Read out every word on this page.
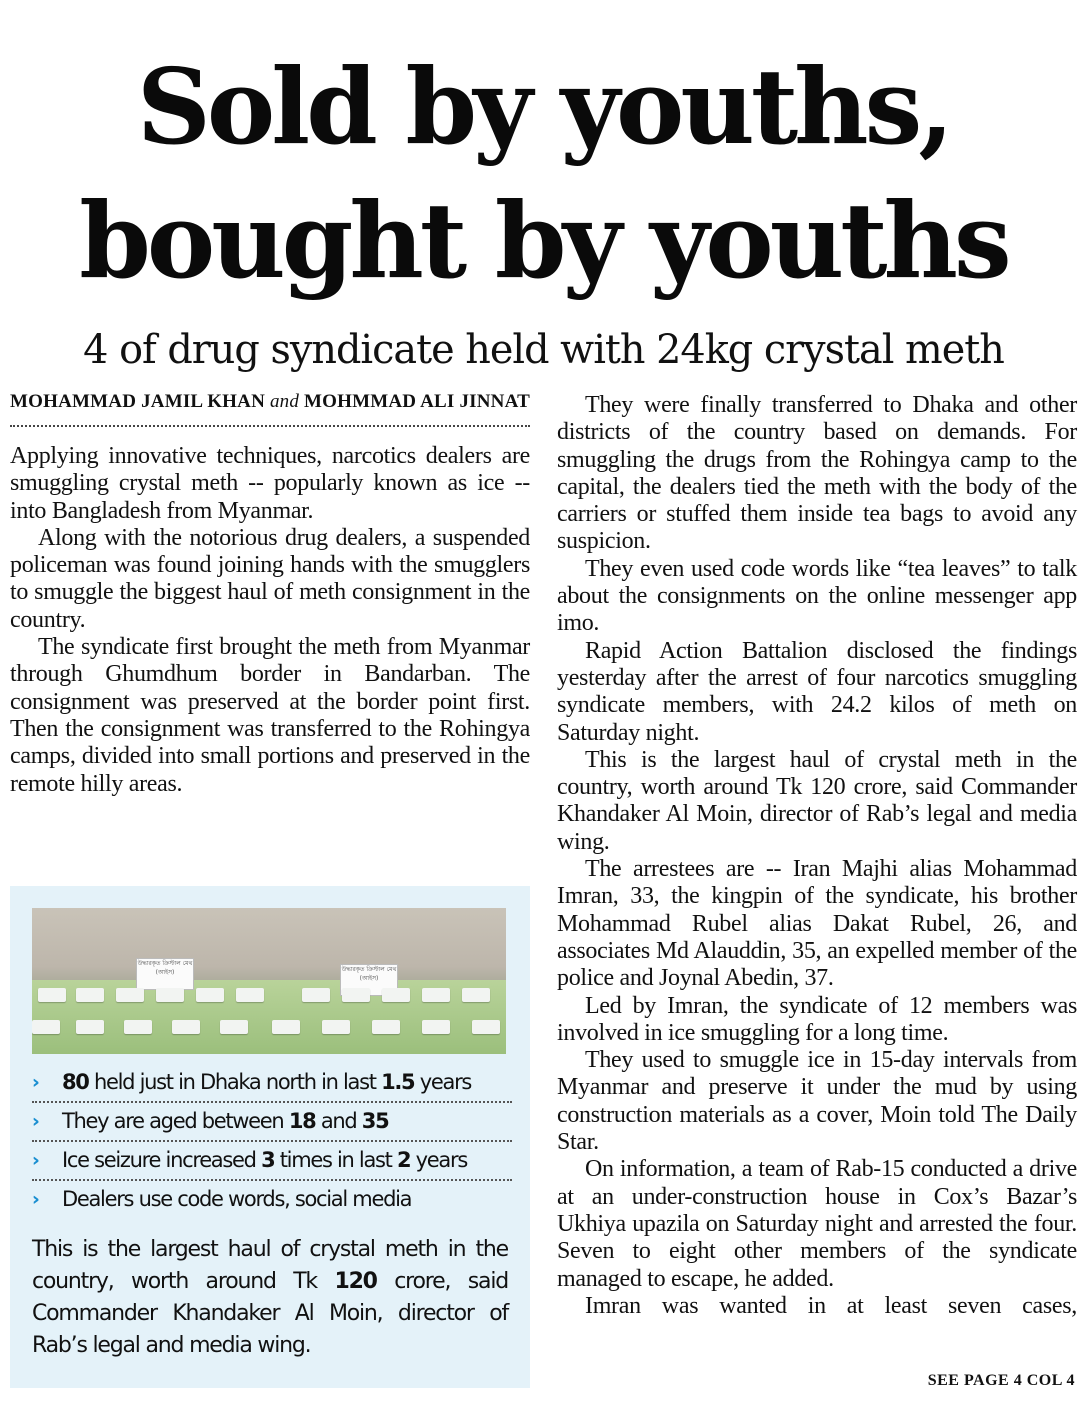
Sold by youths,
bought by youths
4 of drug syndicate held with 24kg crystal meth
MOHAMMAD JAMIL KHAN and MOHMMAD ALI JINNAT

Applying innovative techniques, narcotics dealers are smuggling crystal meth -- popularly known as ice -- into Bangladesh from Myanmar.

Along with the notorious drug dealers, a suspended policeman was found joining hands with the smugglers to smuggle the biggest haul of meth consignment in the country.

The syndicate first brought the meth from Myanmar through Ghumdhum border in Bandarban. The consignment was preserved at the border point first. Then the consignment was transferred to the Rohingya camps, divided into small portions and preserved in the remote hilly areas.

উদ্ধারকৃত ক্রিস্টাল মেথ (আইস)	উদ্ধারকৃত ক্রিস্টাল মেথ (আইস)
›› 80 held just in Dhaka north in last 1.5 years
›› They are aged between 18 and 35
›› Ice seizure increased 3 times in last 2 years
›› Dealers use code words, social media
This is the largest haul of crystal meth in the country, worth around Tk 120 crore, said Commander Khandaker Al Moin, director of Rab’s legal and media wing.

They were finally transferred to Dhaka and other districts of the country based on demands. For smuggling the drugs from the Rohingya camp to the capital, the dealers tied the meth with the body of the carriers or stuffed them inside tea bags to avoid any suspicion.

They even used code words like “tea leaves” to talk about the consignments on the online messenger app imo.

Rapid Action Battalion disclosed the findings yesterday after the arrest of four narcotics smuggling syndicate members, with 24.2 kilos of meth on Saturday night.

This is the largest haul of crystal meth in the country, worth around Tk 120 crore, said Commander Khandaker Al Moin, director of Rab’s legal and media wing.

The arrestees are -- Iran Majhi alias Mohammad Imran, 33, the kingpin of the syndicate, his brother Mohammad Rubel alias Dakat Rubel, 26, and associates Md Alauddin, 35, an expelled member of the police and Joynal Abedin, 37.

Led by Imran, the syndicate of 12 members was involved in ice smuggling for a long time.

They used to smuggle ice in 15-day intervals from Myanmar and preserve it under the mud by using construction materials as a cover, Moin told The Daily Star.

On information, a team of Rab-15 conducted a drive at an under-construction house in Cox’s Bazar’s Ukhiya upazila on Saturday night and arrested the four. Seven to eight other members of the syndicate managed to escape, he added.

Imran was wanted in at least seven cases,

SEE PAGE 4 COL 4
